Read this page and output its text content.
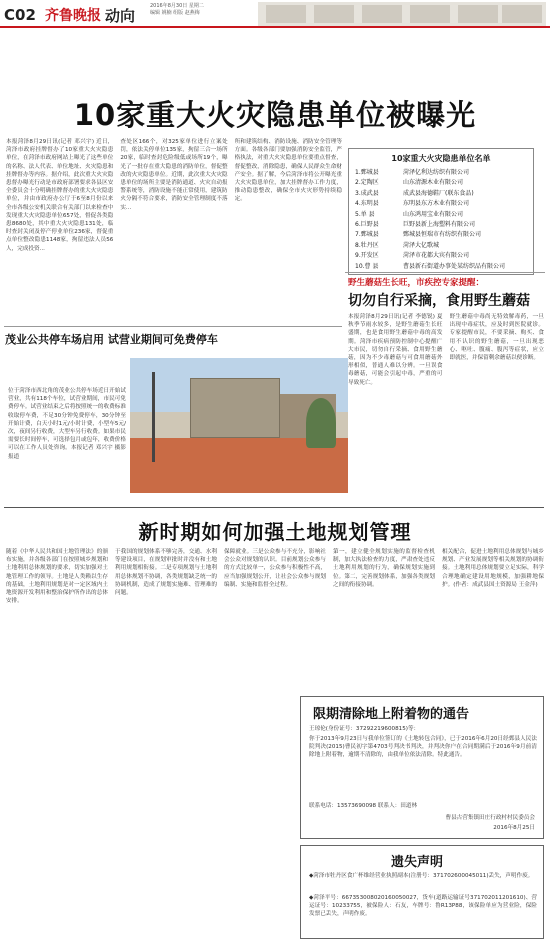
C02 齐鲁晚报 动向
2016年8月30日 星期二
编辑 姚楠 组版 赵燕梅
10家重大火灾隐患单位被曝光
本报菏泽8月29日讯(记者 邓兴宇) 近日，菏泽市政府挂牌督办了10家重大火灾隐患单位，在菏泽市政府网站上曝光了这些单位的名称、法人代表、单位地址、火灾隐患和挂牌督办等内容。据介绍，此次重大火灾隐患督办曝光行动是市政府部署要求各县区安全委员会十分明确挂牌督办的重大火灾隐患单位，并由市政府办公厅于6至8月份以来全市各级公安机关联合有关部门以来检查中发现重大火灾隐患单位657处，督促各类隐患8680处，其中重大火灾隐患131处，临时查封关闭及停产停业单位236家，督促重点单位整改隐患1148家，拘留违法人员56人，完成投资...
查处区166个，对325家单位进行立案处罚，依法关停单位135家，拘留三合一场所20家，临时查封危险级低或场所19个，曝光了一批存在重大隐患的消防单位，督促整改的火灾隐患单位。近期，此次重大火灾隐患单位的场所主要是消防通道、火灾自动报警系统等，消防设施不能正常使用，建筑防火分隔不符合要求，消防安全管理制度不落实...
所和建筑结构、消防设施、消防安全管理等方面。各级各部门要加强消防安全监管，严格执法，对重大火灾隐患单位要重点督查，督促整改，消除隐患，确保人民群众生命财产安全。据了解，今后菏泽市将公开曝光重大火灾隐患单位，加大挂牌督办工作力度，推动隐患整改，确保全市火灾形势持续稳定。
10家重大火灾隐患单位名单
1.鄄城县	菏泽亿利达纺织有限公司
2.定陶区	山东清源木业有限公司
3.成武县	成武县海德鞋厂(联东食品)
4.东明县	东明县东方木业有限公司
5.单 县	山东鸿用宝业有限公司
6.巨野县	巨野县新上海塑料有限公司
7.鄄城县	鄄城县恒瑞市有纺织有限公司
8.牡丹区	菏泽大亿歌城
9.开发区	菏泽市花都大宾有限公司
10.曹 县	曹县新石街道办事处某纺织品有限公司
野生蘑菇生长旺，市疾控专家提醒：
切勿自行采摘，食用野生蘑菇
本报菏泽8月29日讯(记者 李德锐) 夏秋季节雨水较多，是野生蘑菇生长旺盛期，也是食用野生蘑菇中毒的高发期。菏泽市疾病预防控制中心提醒广大市民，切勿自行采摘、食用野生蘑菇，因为不少毒蘑菇与可食用蘑菇外形相似，普通人难以分辨。一旦误食毒蘑菇，可能会引起中毒，严重的可导致死亡。
野生蘑菇中毒尚无特效解毒药，一旦出现中毒症状，应及时到医院就诊。专家提醒市民，不要采摘、购买、食用不认识的野生蘑菇，一旦出现恶心、呕吐、腹痛、腹泻等症状，应立即就医，并保留剩余蘑菇以便诊断。
茂业公共停车场启用 试营业期间可免费停车
位于菏泽市西北角的茂业公共停车场近日开始试营业，共有118个车位，试营业期间，市民可免费停车。试营业结束之后将按照统一的收费标准收取停车费，不足30分钟免费停车，30分钟至开始计费，白天小时1元/小时计费，小型车5元/次，夜间另行收费，大型车另行收费。如果市民需要长时间停车，可选择包月或包年，收费价格可以在工作人员处咨询。本报记者 邓兴宇 摄影报道
新时期如何加强土地规划管理
随着《中华人民共和国土地管理法》的颁布实施，并各级各部门在按照城乡规划和土地利用总体规划的要求，切实加强对土地管理工作的领导。土地是人类赖以生存的基础，土地利用规划是对一定区域内土地资源开发利用和整治保护所作出的总体安排。
于我国的规划体系不够完善，交通、水利等建设项目，在规划审批时并没有和土地利用规划相衔接。二是专项规划与土地利用总体规划不协调，各类规划缺乏统一的协调机制，造成了规划实施难、管理难的问题。
保障就业。三是公众参与不充分，影响社会公众对规划的认识。目前规划公众参与的方式比较单一，公众参与积极性不高，应当加强规划公开，让社会公众参与规划编制、实施和监督全过程。
第一，建立健全规划实施的监督检查机制，加大执法检查的力度，严肃查处违反土地利用规划的行为，确保规划实施到位。第二，完善规划体系，加强各类规划之间的衔接协调。
相关配合，促进土地利用总体规划与城乡规划、产业发展规划等相关规划的协调衔接。土地利用总体规划要立足实际，科学合理地确定建设用地规模，加强耕地保护。(作者：成武县国土资源局 王金萍)
限期清除地上附着物的通告
王琼伦(身份证号：37292219600815)等：
你于2013年9月23日与我单位签订的《土地转包合同》，已于2016年6月20日经鄄县人民法院判决(2015)曹民初字第4703号判决书判决，并判决你户在合同期满后于2016年9月前清除地上附着物，逾期不清除的，由我单位依法清除。特此通告。
联系电话：13573690098 联系人：田道林
曹县古营集镇田庄行政村村民委员会
2016年8月25日
遗失声明
◆菏泽市牡丹区食广杯维经营业执照副本(注册号：371702600045011)丢失，声明作废。
◆菏泽平号：667353008020160050027，货车(道路运输证号371702011201610)、营运证号：10233755，被保险人：石友，车牌号：鲁R13P88，该保险单应为营业险，保险发票已丢失，声明作废。
